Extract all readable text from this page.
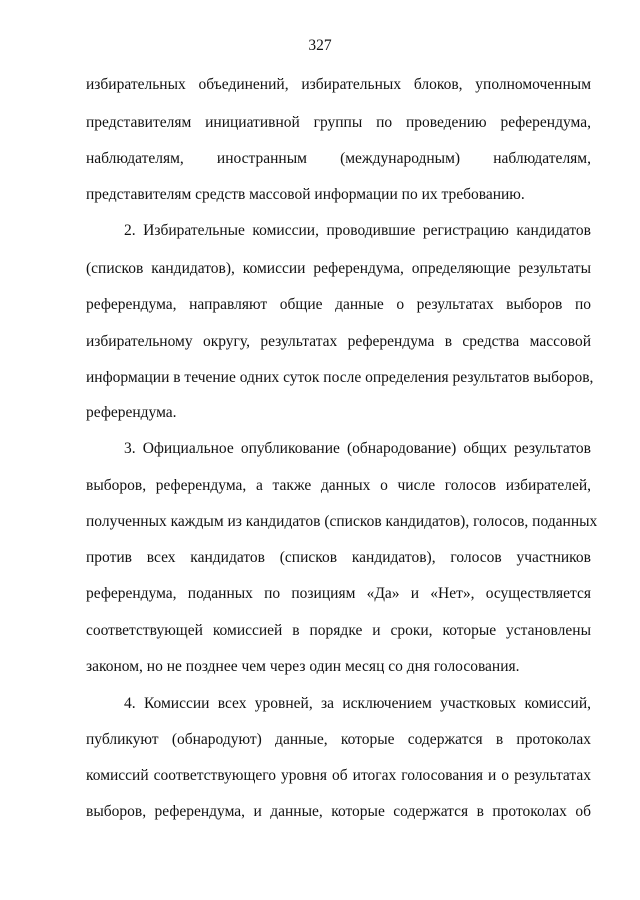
327
избирательных объединений, избирательных блоков, уполномоченным
представителям инициативной группы по проведению референдума,
наблюдателям, иностранным (международным) наблюдателям,
представителям средств массовой информации по их требованию.
2. Избирательные комиссии, проводившие регистрацию кандидатов
(списков кандидатов), комиссии референдума, определяющие результаты
референдума, направляют общие данные о результатах выборов по
избирательному округу, результатах референдума в средства массовой
информации в течение одних суток после определения результатов выборов,
референдума.
3. Официальное опубликование (обнародование) общих результатов
выборов, референдума, а также данных о числе голосов избирателей,
полученных каждым из кандидатов (списков кандидатов), голосов, поданных
против всех кандидатов (списков кандидатов), голосов участников
референдума, поданных по позициям «Да» и «Нет», осуществляется
соответствующей комиссией в порядке и сроки, которые установлены
законом, но не позднее чем через один месяц со дня голосования.
4. Комиссии всех уровней, за исключением участковых комиссий,
публикуют (обнародуют) данные, которые содержатся в протоколах
комиссий соответствующего уровня об итогах голосования и о результатах
выборов, референдума, и данные, которые содержатся в протоколах об
